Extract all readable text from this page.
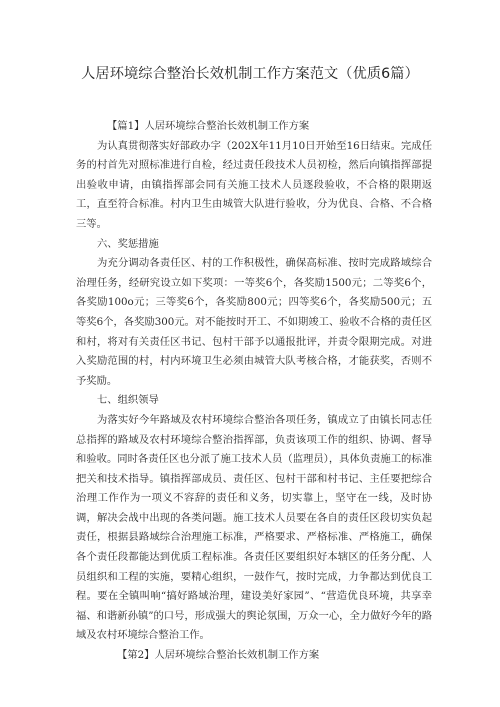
人居环境综合整治长效机制工作方案范文（优质6篇）

【篇1】人居环境综合整治长效机制工作方案

为认真贯彻落实好部政办字（202X年11月10日开始至16日结束。完成任务的村首先对照标准进行自检，经过责任段技术人员初检，然后向镇指挥部提出验收申请，由镇指挥部会同有关施工技术人员逐段验收，不合格的限期返工，直至符合标准。村内卫生由城管大队进行验收，分为优良、合格、不合格三等。

六、奖惩措施

为充分调动各责任区、村的工作积极性，确保高标准、按时完成路域综合治理任务，经研究设立如下奖项：一等奖6个，各奖励1500元；二等奖6个，各奖励100o元；三等奖6个，各奖励800元；四等奖6个，各奖励500元；五等奖6个，各奖励300元。对不能按时开工、不如期竣工、验收不合格的责任区和村，将对有关责任区书记、包村干部予以通报批评，并责令限期完成。对进入奖励范围的村，村内环境卫生必须由城管大队考核合格，才能获奖，否则不予奖励。

七、组织领导

为落实好今年路域及农村环境综合整治各项任务，镇成立了由镇长同志任总指挥的路域及农村环境综合整治指挥部，负责该项工作的组织、协调、督导和验收。同时各责任区也分派了施工技术人员（监理员），具体负责施工的标准把关和技术指导。镇指挥部成员、责任区、包村干部和村书记、主任要把综合治理工作作为一项义不容辞的责任和义务，切实靠上，坚守在一线，及时协调，解决会战中出现的各类问题。施工技术人员要在各自的责任区段切实负起责任，根据县路域综合治理施工标准，严格要求、严格标准、严格施工，确保各个责任段都能达到优质工程标准。各责任区要组织好本辖区的任务分配、人员组织和工程的实施，要精心组织，一鼓作气，按时完成，力争都达到优良工程。要在全镇叫响“搞好路域治理，建设美好家园”、“营造优良环境，共享幸福、和谐新孙镇”的口号，形成强大的舆论氛围，万众一心，全力做好今年的路域及农村环境综合整治工作。

【第2】人居环境综合整治长效机制工作方案
